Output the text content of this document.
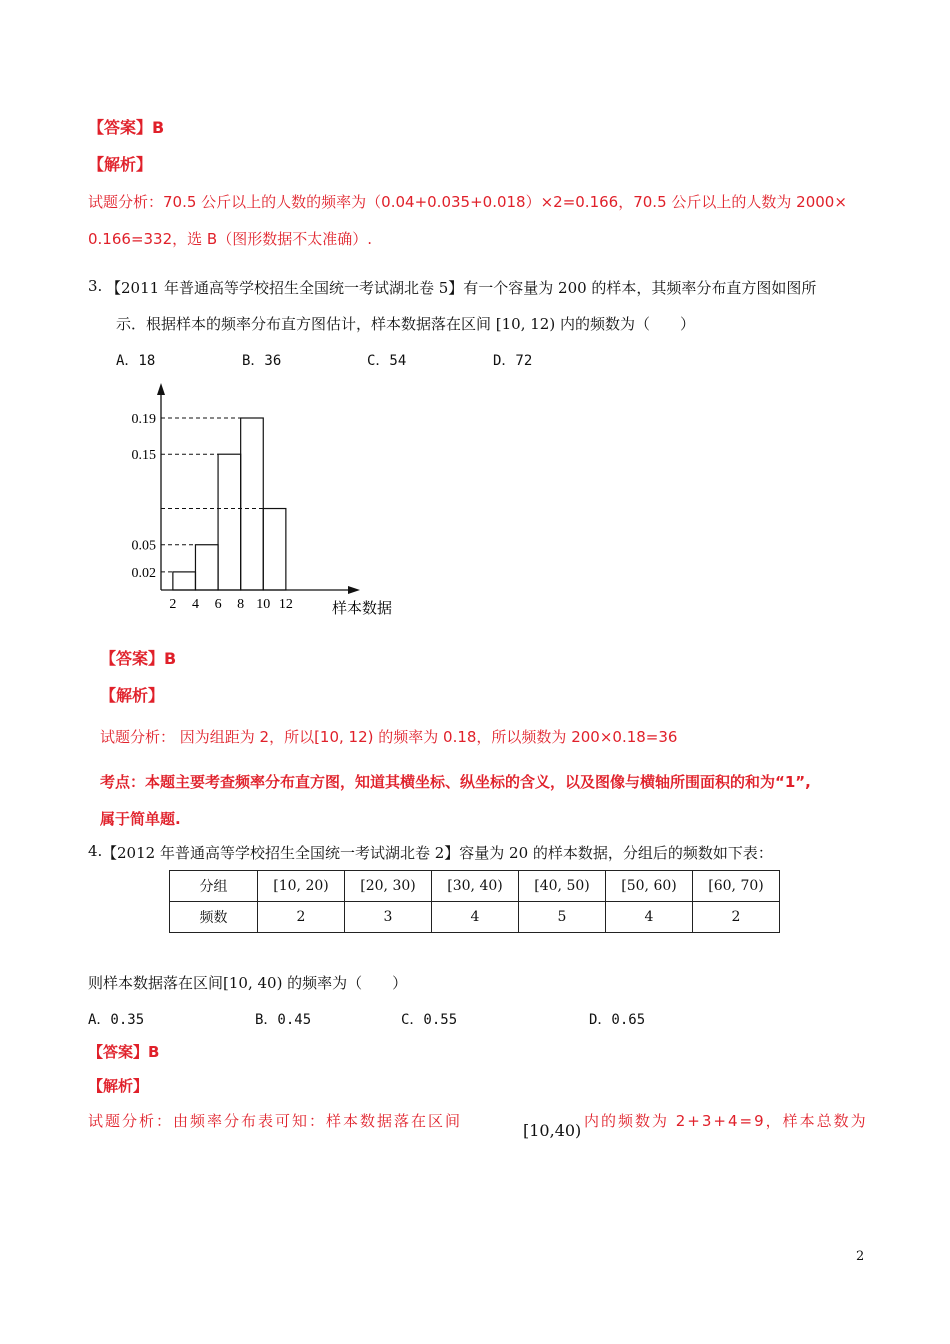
【答案】B
【解析】
试题分析：70.5 公斤以上的人数的频率为（0.04+0.035+0.018）×2=0.166，70.5 公斤以上的人数为 2000×
0.166=332，选 B（图形数据不太准确）.
3. 【2011 年普通高等学校招生全国统一考试湖北卷 5】有一个容量为 200 的样本，其频率分布直方图如图所
示．根据样本的频率分布直方图估计，样本数据落在区间 [10, 12) 内的频数为（　　）
A．18	B．36	C．54	D．72
0.19
0.15
0.05
0.02
2 4 6 8 10 12	样本数据
【答案】B
【解析】
试题分析： 因为组距为 2，所以[10, 12) 的频率为 0.18，所以频数为 200×0.18=36
考点：本题主要考查频率分布直方图，知道其横坐标、纵坐标的含义，以及图像与横轴所围面积的和为“1”,
属于简单题.
4. 【2012 年普通高等学校招生全国统一考试湖北卷 2】容量为 20 的样本数据，分组后的频数如下表：
分组	[10, 20)	[20, 30)	[30, 40)	[40, 50)	[50, 60)	[60, 70)
频数	2	3	4	5	4	2
则样本数据落在区间[10, 40) 的频率为（　　）
A．0.35	B．0.45	C．0.55	D．0.65
【答案】B
【解析】
试题分析：由频率分布表可知：样本数据落在区间	[10,40) 内的频数为 2+3+4=9，样本总数为
2
